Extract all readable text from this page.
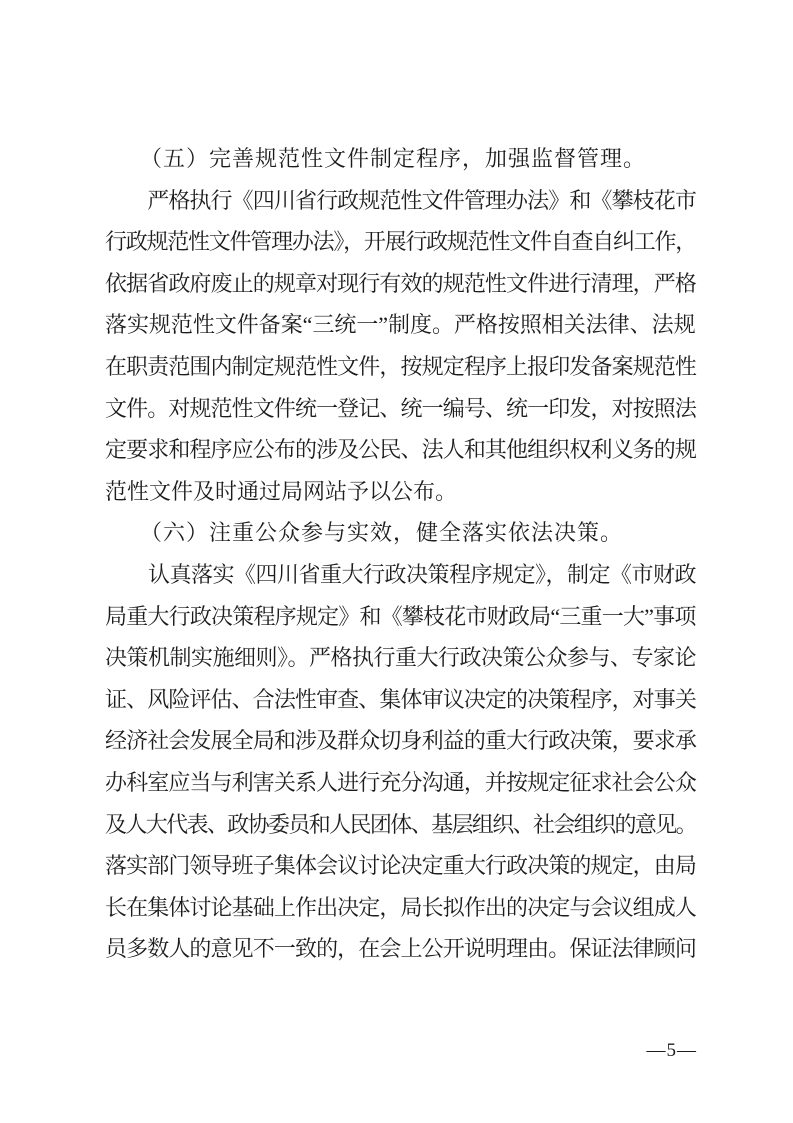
　　（五）完善规范性文件制定程序，加强监督管理。
　　严格执行《四川省行政规范性文件管理办法》和《攀枝花市
行政规范性文件管理办法》，开展行政规范性文件自查自纠工作，
依据省政府废止的规章对现行有效的规范性文件进行清理，严格
落实规范性文件备案“三统一”制度。严格按照相关法律、法规
在职责范围内制定规范性文件，按规定程序上报印发备案规范性
文件。对规范性文件统一登记、统一编号、统一印发，对按照法
定要求和程序应公布的涉及公民、法人和其他组织权利义务的规
范性文件及时通过局网站予以公布。
　　（六）注重公众参与实效，健全落实依法决策。
　　认真落实《四川省重大行政决策程序规定》，制定《市财政
局重大行政决策程序规定》和《攀枝花市财政局“三重一大”事项
决策机制实施细则》。严格执行重大行政决策公众参与、专家论
证、风险评估、合法性审查、集体审议决定的决策程序，对事关
经济社会发展全局和涉及群众切身利益的重大行政决策，要求承
办科室应当与利害关系人进行充分沟通，并按规定征求社会公众
及人大代表、政协委员和人民团体、基层组织、社会组织的意见。
落实部门领导班子集体会议讨论决定重大行政决策的规定，由局
长在集体讨论基础上作出决定，局长拟作出的决定与会议组成人
员多数人的意见不一致的，在会上公开说明理由。保证法律顾问
—5—
